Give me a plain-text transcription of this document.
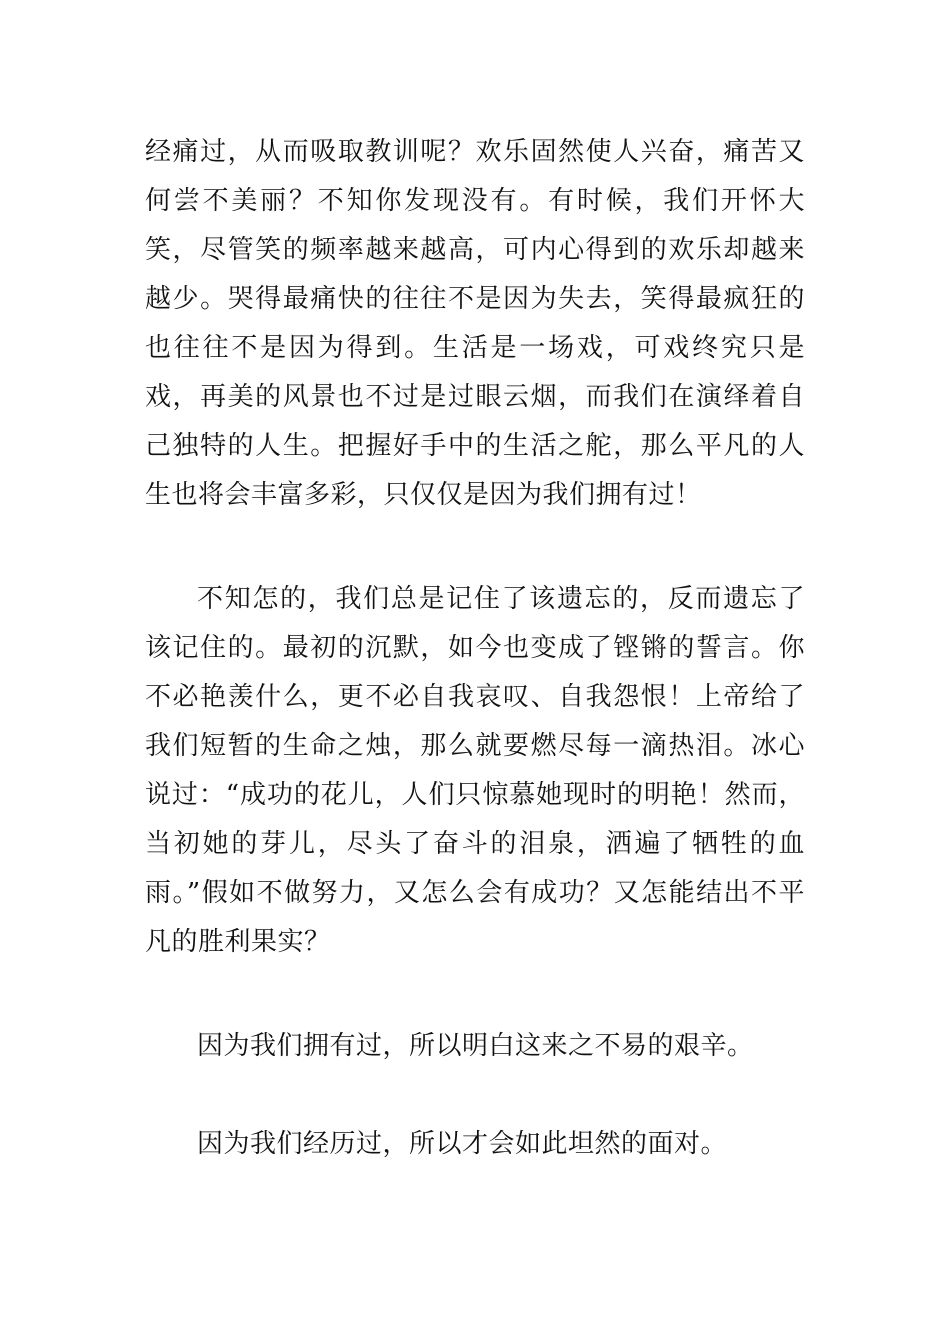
经痛过，从而吸取教训呢？欢乐固然使人兴奋，痛苦又何尝不美丽？不知你发现没有。有时候，我们开怀大笑，尽管笑的频率越来越高，可内心得到的欢乐却越来越少。哭得最痛快的往往不是因为失去，笑得最疯狂的也往往不是因为得到。生活是一场戏，可戏终究只是戏，再美的风景也不过是过眼云烟，而我们在演绎着自己独特的人生。把握好手中的生活之舵，那么平凡的人生也将会丰富多彩，只仅仅是因为我们拥有过！

不知怎的，我们总是记住了该遗忘的，反而遗忘了该记住的。最初的沉默，如今也变成了铿锵的誓言。你不必艳羡什么，更不必自我哀叹、自我怨恨！上帝给了我们短暂的生命之烛，那么就要燃尽每一滴热泪。冰心说过：“成功的花儿，人们只惊慕她现时的明艳！然而，当初她的芽儿，尽头了奋斗的泪泉，洒遍了牺牲的血雨。”假如不做努力，又怎么会有成功？又怎能结出不平凡的胜利果实？

因为我们拥有过，所以明白这来之不易的艰辛。

因为我们经历过，所以才会如此坦然的面对。
